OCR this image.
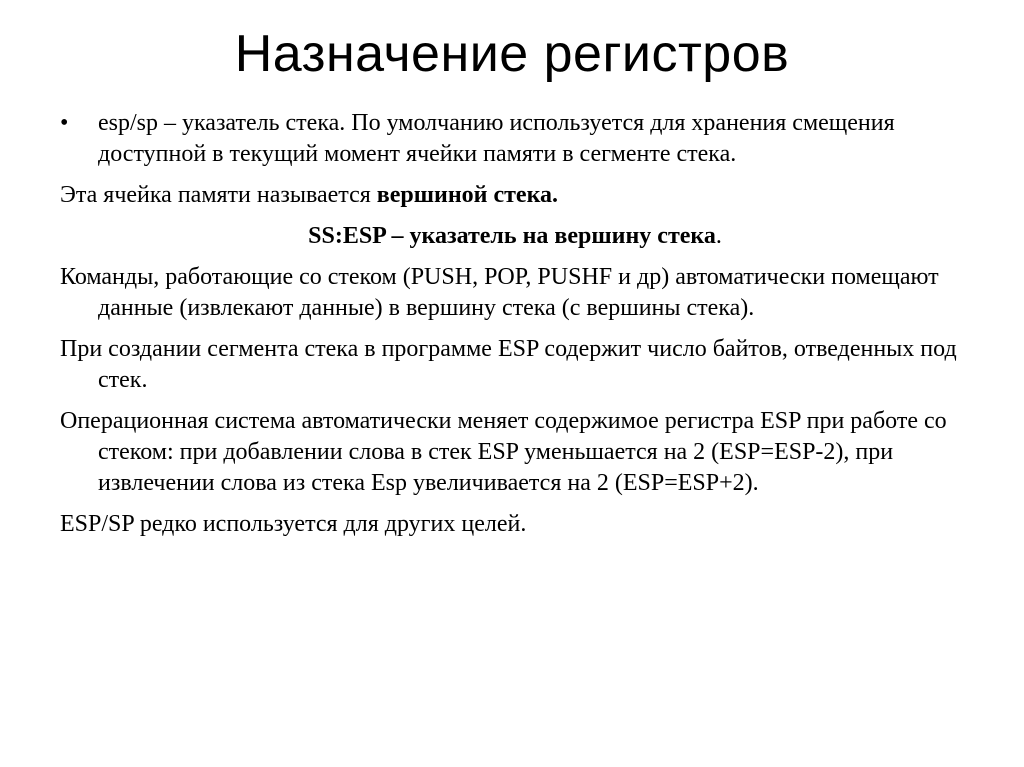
Назначение регистров

•	esp/sp – указатель стека. По умолчанию используется для хранения смещения доступной в текущий момент ячейки памяти в сегменте стека.

Эта ячейка памяти называется вершиной стека.

SS:ESP – указатель на вершину стека.

Команды, работающие со стеком (PUSH, POP, PUSHF и др) автоматически помещают данные (извлекают данные) в вершину стека (с вершины стека).

При создании сегмента стека в программе ESP содержит число байтов, отведенных под стек.

Операционная система автоматически меняет содержимое регистра ESP при работе со стеком: при добавлении слова в стек ESP уменьшается на 2 (ESP=ESP-2), при извлечении слова из стека Esp увеличивается на 2 (ESP=ESP+2).

ESP/SP редко используется для других целей.
